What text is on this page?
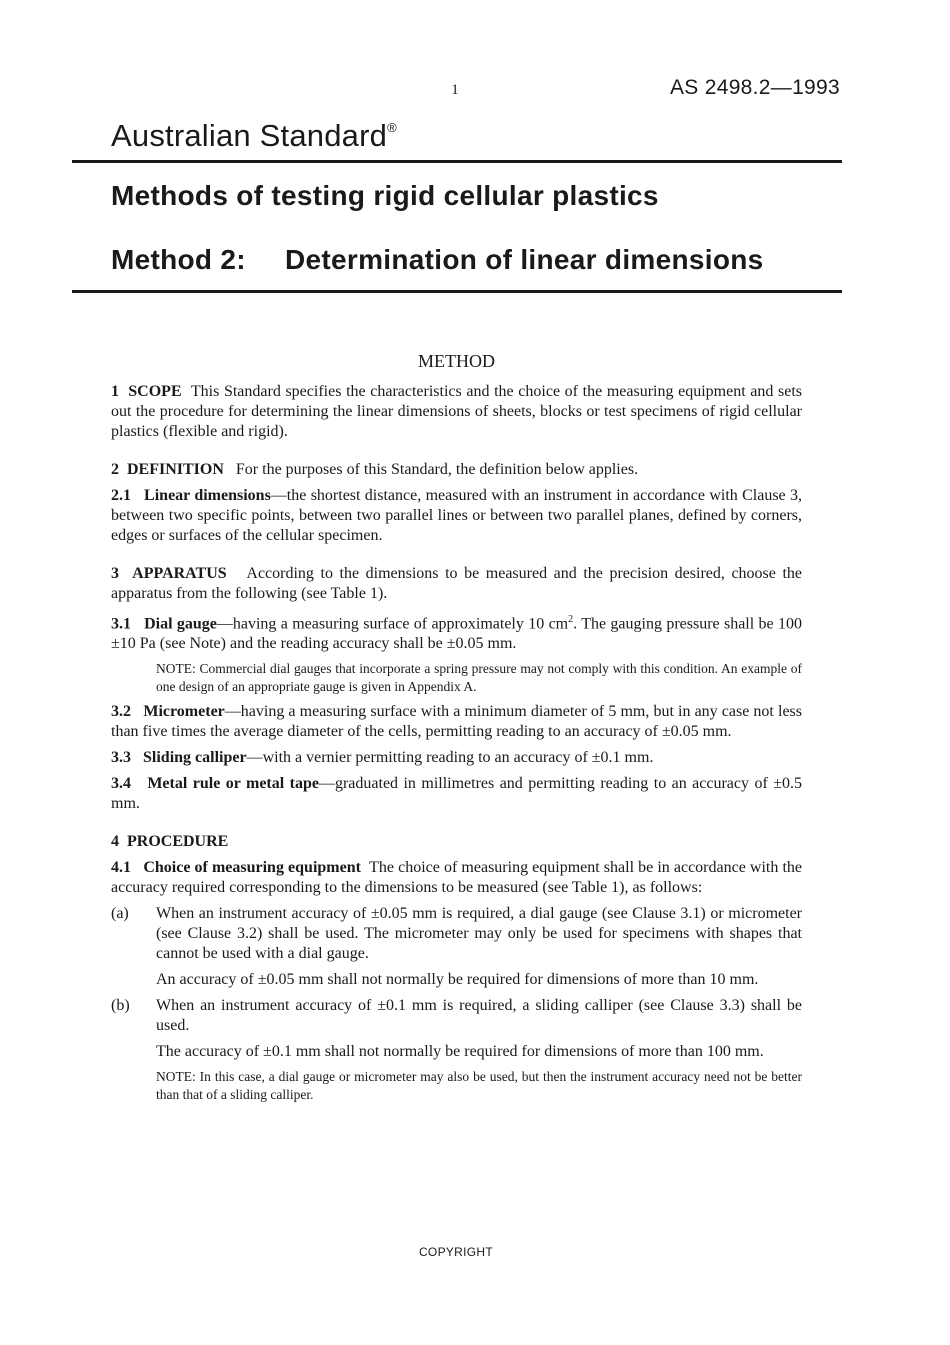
1	AS 2498.2—1993
Australian Standard®
Methods of testing rigid cellular plastics
Method 2: Determination of linear dimensions

METHOD

1 SCOPE This Standard specifies the characteristics and the choice of the measuring equipment and sets out the procedure for determining the linear dimensions of sheets, blocks or test specimens of rigid cellular plastics (flexible and rigid).

2 DEFINITION For the purposes of this Standard, the definition below applies.

2.1 Linear dimensions—the shortest distance, measured with an instrument in accordance with Clause 3, between two specific points, between two parallel lines or between two parallel planes, defined by corners, edges or surfaces of the cellular specimen.

3 APPARATUS According to the dimensions to be measured and the precision desired, choose the apparatus from the following (see Table 1).

3.1 Dial gauge—having a measuring surface of approximately 10 $cm^2$. The gauging pressure shall be 100 ±10 Pa (see Note) and the reading accuracy shall be ±0.05 mm.

NOTE: Commercial dial gauges that incorporate a spring pressure may not comply with this condition. An example of one design of an appropriate gauge is given in Appendix A.

3.2 Micrometer—having a measuring surface with a minimum diameter of 5 mm, but in any case not less than five times the average diameter of the cells, permitting reading to an accuracy of ±0.05 mm.

3.3 Sliding calliper—with a vernier permitting reading to an accuracy of ±0.1 mm.

3.4 Metal rule or metal tape—graduated in millimetres and permitting reading to an accuracy of ±0.5 mm.

4 PROCEDURE

4.1 Choice of measuring equipment The choice of measuring equipment shall be in accordance with the accuracy required corresponding to the dimensions to be measured (see Table 1), as follows:

(a)	When an instrument accuracy of ±0.05 mm is required, a dial gauge (see Clause 3.1) or micrometer (see Clause 3.2) shall be used. The micrometer may only be used for specimens with shapes that cannot be used with a dial gauge.

An accuracy of ±0.05 mm shall not normally be required for dimensions of more than 10 mm.

(b)	When an instrument accuracy of ±0.1 mm is required, a sliding calliper (see Clause 3.3) shall be used.

The accuracy of ±0.1 mm shall not normally be required for dimensions of more than 100 mm.

NOTE: In this case, a dial gauge or micrometer may also be used, but then the instrument accuracy need not be better than that of a sliding calliper.

COPYRIGHT
